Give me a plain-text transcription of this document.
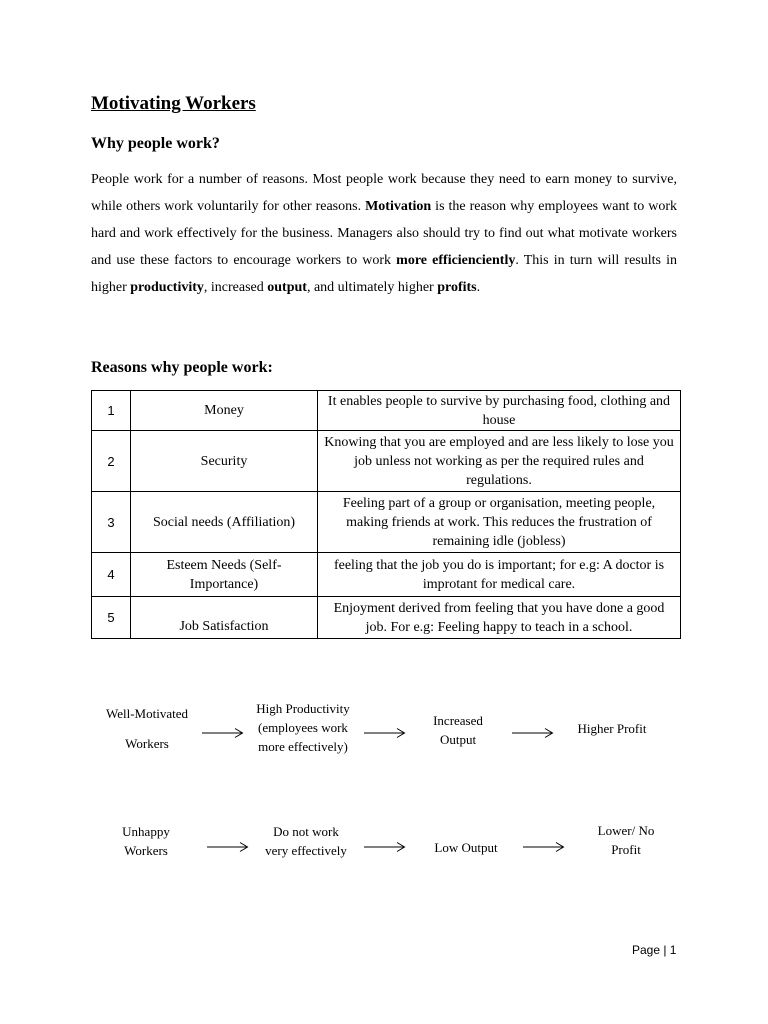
Motivating Workers
Why people work?
People work for a number of reasons. Most people work because they need to earn money to survive, while others work voluntarily for other reasons. Motivation is the reason why employees want to work hard and work effectively for the business. Managers also should try to find out what motivate workers and use these factors to encourage workers to work more efficienciently. This in turn will results in higher productivity, increased output, and ultimately higher profits.
Reasons why people work:
1	Money	It enables people to survive by purchasing food, clothing and house
2	Security	Knowing that you are employed and are less likely to lose you job unless not working as per the required rules and regulations.
3	Social needs (Affiliation)	Feeling part of a group or organisation, meeting people, making friends at work. This reduces the frustration of remaining idle (jobless)
4	Esteem Needs (Self-Importance)	feeling that the job you do is important; for e.g: A doctor is improtant for medical care.
5	Job Satisfaction	Enjoyment derived from feeling that you have done a good job. For e.g: Feeling happy to teach in a school.
Well-Motivated
Workers
High Productivity
(employees work
more effectively)
Increased
Output
Higher Profit
Unhappy
Workers
Do not work
very effectively	Low Output
Lower/ No
Profit
Page | 1
